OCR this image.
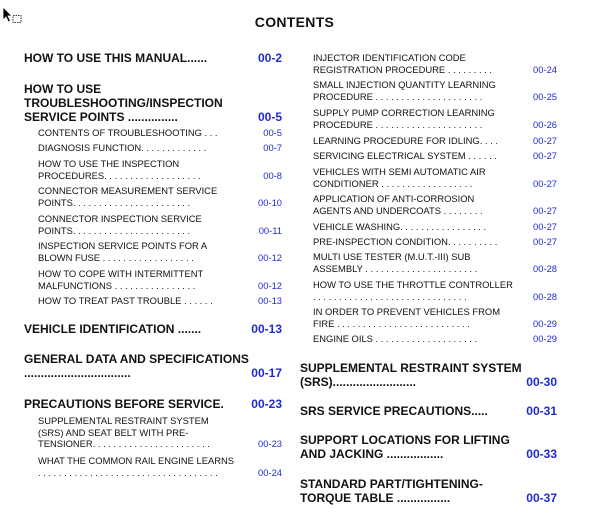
CONTENTS
HOW TO USE THIS MANUAL......	00-2
HOW TO USE
TROUBLESHOOTING/INSPECTION
SERVICE POINTS ...............	00-5
CONTENTS OF TROUBLESHOOTING . . .	00-5
DIAGNOSIS FUNCTION. . . . . . . . . . . . .	00-7
HOW TO USE THE INSPECTION
PROCEDURES. . . . . . . . . . . . . . . . . . .	00-8
CONNECTOR MEASUREMENT SERVICE
POINTS. . . . . . . . . . . . . . . . . . . . . . .	00-10
CONNECTOR INSPECTION SERVICE
POINTS. . . . . . . . . . . . . . . . . . . . . . .	00-11
INSPECTION SERVICE POINTS FOR A
BLOWN FUSE . . . . . . . . . . . . . . . . . .	00-12
HOW TO COPE WITH INTERMITTENT
MALFUNCTIONS . . . . . . . . . . . . . . . .	00-12
HOW TO TREAT PAST TROUBLE . . . . . .	00-13
VEHICLE IDENTIFICATION .......	00-13
GENERAL DATA AND SPECIFICATIONS
................................	00-17
PRECAUTIONS BEFORE SERVICE.	00-23
SUPPLEMENTAL RESTRAINT SYSTEM
(SRS) AND SEAT BELT WITH PRE-
TENSIONER. . . . . . . . . . . . . . . . . . . . . . .	00-23
WHAT THE COMMON RAIL ENGINE LEARNS
. . . . . . . . . . . . . . . . . . . . . . . . . . . . . . . . . . .	00-24
INJECTOR IDENTIFICATION CODE
REGISTRATION PROCEDURE . . . . . . . . .	00-24
SMALL INJECTION QUANTITY LEARNING
PROCEDURE . . . . . . . . . . . . . . . . . . . . .	00-25
SUPPLY PUMP CORRECTION LEARNING
PROCEDURE . . . . . . . . . . . . . . . . . . . . .	00-26
LEARNING PROCEDURE FOR IDLING. . . .	00-27
SERVICING ELECTRICAL SYSTEM . . . . . .	00-27
VEHICLES WITH SEMI AUTOMATIC AIR
CONDITIONER . . . . . . . . . . . . . . . . . .	00-27
APPLICATION OF ANTI-CORROSION
AGENTS AND UNDERCOATS . . . . . . . .	00-27
VEHICLE WASHING. . . . . . . . . . . . . . . . .	00-27
PRE-INSPECTION CONDITION. . . . . . . . . .	00-27
MULTI USE TESTER (M.U.T.-III) SUB
ASSEMBLY . . . . . . . . . . . . . . . . . . . . . .	00-28
HOW TO USE THE THROTTLE CONTROLLER
. . . . . . . . . . . . . . . . . . . . . . . . . . . . . .	00-28
IN ORDER TO PREVENT VEHICLES FROM
FIRE . . . . . . . . . . . . . . . . . . . . . . . . . .	00-29
ENGINE OILS . . . . . . . . . . . . . . . . . . . .	00-29
SUPPLEMENTAL RESTRAINT SYSTEM
(SRS).........................	00-30
SRS SERVICE PRECAUTIONS.....	00-31
SUPPORT LOCATIONS FOR LIFTING
AND JACKING .................	00-33
STANDARD PART/TIGHTENING-
TORQUE TABLE ................	00-37
